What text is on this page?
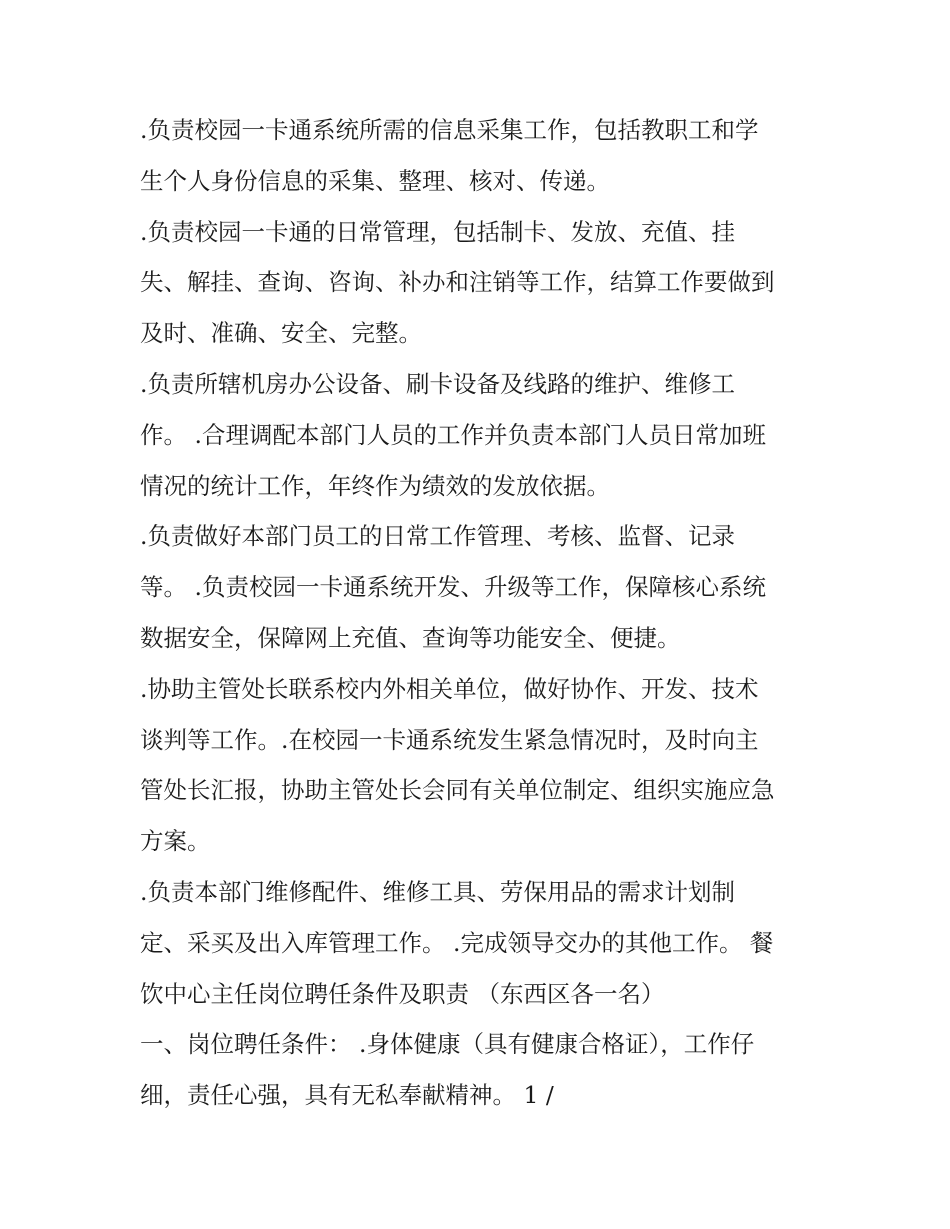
.负责校园一卡通系统所需的信息采集工作，包括教职工和学
生个人身份信息的采集、整理、核对、传递。
.负责校园一卡通的日常管理，包括制卡、发放、充值、挂
失、解挂、查询、咨询、补办和注销等工作，结算工作要做到
及时、准确、安全、完整。
.负责所辖机房办公设备、刷卡设备及线路的维护、维修工
作。 .合理调配本部门人员的工作并负责本部门人员日常加班
情况的统计工作，年终作为绩效的发放依据。
.负责做好本部门员工的日常工作管理、考核、监督、记录
等。 .负责校园一卡通系统开发、升级等工作，保障核心系统
数据安全，保障网上充值、查询等功能安全、便捷。
.协助主管处长联系校内外相关单位，做好协作、开发、技术
谈判等工作。.在校园一卡通系统发生紧急情况时，及时向主
管处长汇报，协助主管处长会同有关单位制定、组织实施应急
方案。
.负责本部门维修配件、维修工具、劳保用品的需求计划制
定、采买及出入库管理工作。 .完成领导交办的其他工作。 餐
饮中心主任岗位聘任条件及职责 （东西区各一名）
一、岗位聘任条件： .身体健康（具有健康合格证），工作仔
细，责任心强，具有无私奉献精神。 1 /
